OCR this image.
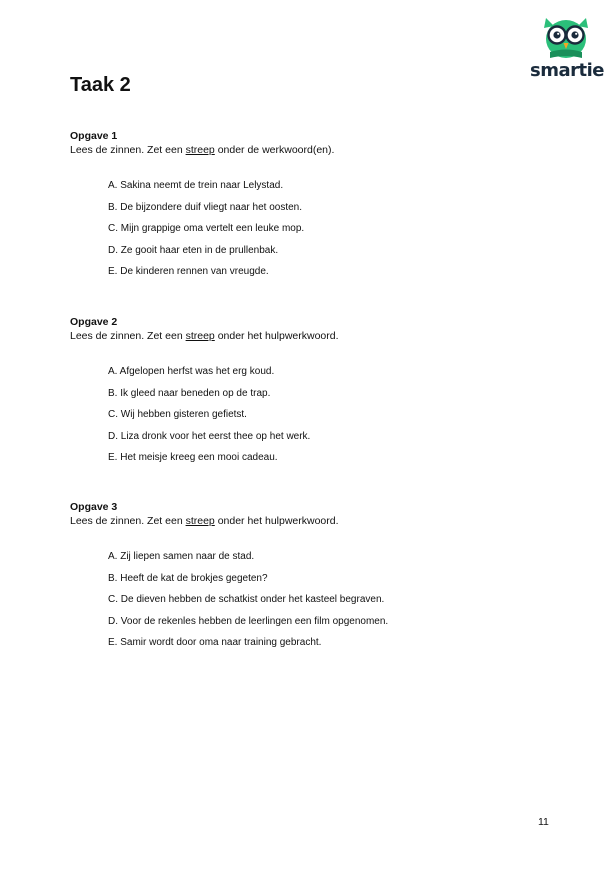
smartie
Taak 2
Opgave 1
Lees de zinnen. Zet een streep onder de werkwoord(en).
A. Sakina neemt de trein naar Lelystad.
B. De bijzondere duif vliegt naar het oosten.
C. Mijn grappige oma vertelt een leuke mop.
D. Ze gooit haar eten in de prullenbak.
E. De kinderen rennen van vreugde.
Opgave 2
Lees de zinnen. Zet een streep onder het hulpwerkwoord.
A. Afgelopen herfst was het erg koud.
B. Ik gleed naar beneden op de trap.
C. Wij hebben gisteren gefietst.
D. Liza dronk voor het eerst thee op het werk.
E. Het meisje kreeg een mooi cadeau.
Opgave 3
Lees de zinnen. Zet een streep onder het hulpwerkwoord.
A. Zij liepen samen naar de stad.
B. Heeft de kat de brokjes gegeten?
C. De dieven hebben de schatkist onder het kasteel begraven.
D. Voor de rekenles hebben de leerlingen een film opgenomen.
E. Samir wordt door oma naar training gebracht.
11
